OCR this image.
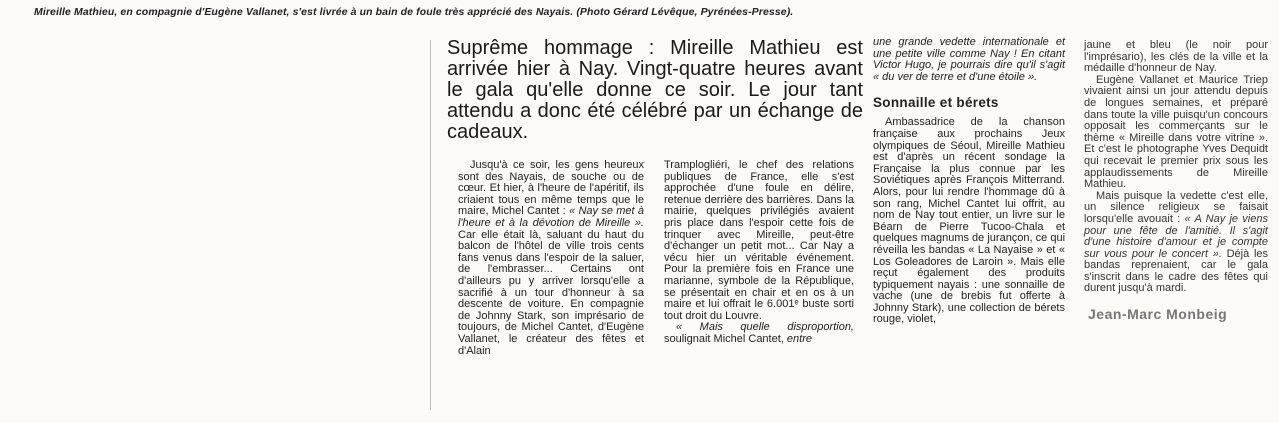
Mireille Mathieu, en compagnie d'Eugène Vallanet, s'est livrée à un bain de foule très apprécié des Nayais. (Photo Gérard Lévêque, Pyrénées-Presse).
Suprême hommage : Mireille Mathieu est arrivée hier à Nay. Vingt-quatre heures avant le gala qu'elle donne ce soir. Le jour tant attendu a donc été célébré par un échange de cadeaux.

Jusqu'à ce soir, les gens heureux sont des Nayais, de souche ou de cœur. Et hier, à l'heure de l'apéritif, ils criaient tous en même temps que le maire, Michel Cantet : « Nay se met à l'heure et à la dévotion de Mireille ». Car elle était là, saluant du haut du balcon de l'hôtel de ville trois cents fans venus dans l'espoir de la saluer, de l'embrasser... Certains ont d'ailleurs pu y arriver lorsqu'elle a sacrifié à un tour d'honneur à sa descente de voiture. En compagnie de Johnny Stark, son imprésario de toujours, de Michel Cantet, d'Eugène Vallanet, le créateur des fêtes et d'Alain

Tramplogliéri, le chef des relations publiques de France, elle s'est approchée d'une foule en délire, retenue derrière des barrières. Dans la mairie, quelques privilégiés avaient pris place dans l'espoir cette fois de trinquer avec Mireille, peut-être d'échanger un petit mot... Car Nay a vécu hier un véritable événement. Pour la première fois en France une marianne, symbole de la République, se présentait en chair et en os à un maire et lui offrait le 6.001ᵉ buste sorti tout droit du Louvre.

« Mais quelle disproportion, soulignait Michel Cantet, entre

une grande vedette internationale et une petite ville comme Nay ! En citant Victor Hugo, je pourrais dire qu'il s'agit « du ver de terre et d'une étoile ».

Sonnaille et bérets

Ambassadrice de la chanson française aux prochains Jeux olympiques de Séoul, Mireille Mathieu est d'après un récent sondage la Française la plus connue par les Soviétiques après François Mitterrand. Alors, pour lui rendre l'hommage dû à son rang, Michel Cantet lui offrit, au nom de Nay tout entier, un livre sur le Béarn de Pierre Tucoo-Chala et quelques magnums de jurançon, ce qui réveilla les bandas « La Nayaise » et « Los Goleadores de Laroin ». Mais elle reçut également des produits typiquement nayais : une sonnaille de vache (une de brebis fut offerte à Johnny Stark), une collection de bérets rouge, violet,

jaune et bleu (le noir pour l'imprésario), les clés de la ville et la médaille d'honneur de Nay.

Eugène Vallanet et Maurice Triep vivaient ainsi un jour attendu depuis de longues semaines, et préparé dans toute la ville puisqu'un concours opposait les commerçants sur le thème « Mireille dans votre vitrine ». Et c'est le photographe Yves Dequidt qui recevait le premier prix sous les applaudissements de Mireille Mathieu.

Mais puisque la vedette c'est elle, un silence religieux se faisait lorsqu'elle avouait : « A Nay je viens pour une fête de l'amitié. Il s'agit d'une histoire d'amour et je compte sur vous pour le concert ». Déjà les bandas reprenaient, car le gala s'inscrit dans le cadre des fêtes qui durent jusqu'à mardi.

Jean-Marc Monbeig
